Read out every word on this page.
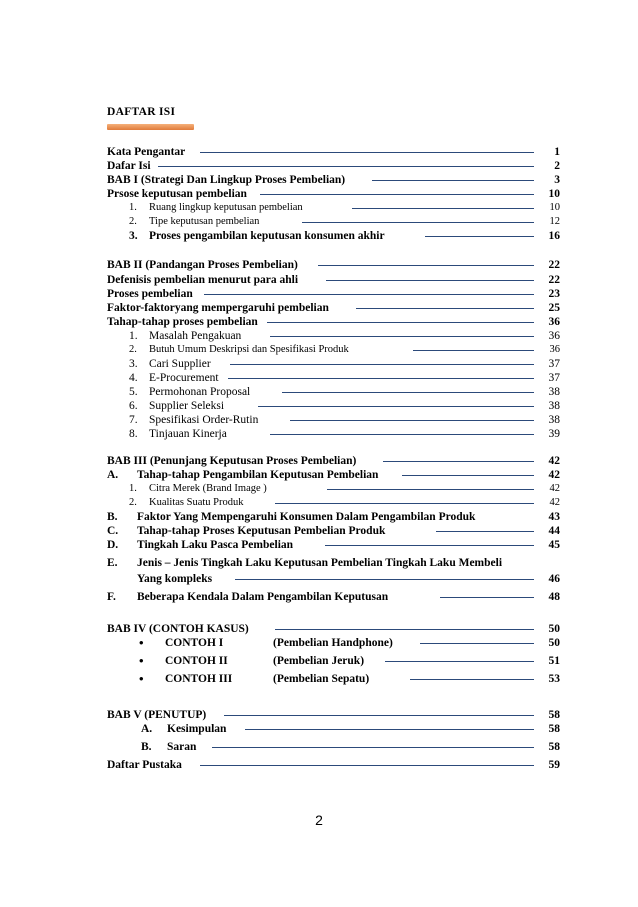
DAFTAR ISI
Kata Pengantar	1
Dafar Isi	2
BAB I (Strategi Dan Lingkup Proses Pembelian)	3
Prsose keputusan pembelian	10
1. Ruang lingkup keputusan pembelian	10
2. Tipe keputusan pembelian	12
3. Proses pengambilan keputusan konsumen akhir	16
BAB II (Pandangan Proses Pembelian)	22
Defenisis pembelian menurut para ahli	22
Proses pembelian	23
Faktor-faktoryang mempergaruhi pembelian	25
Tahap-tahap proses pembelian	36
1. Masalah Pengakuan	36
2. Butuh Umum Deskripsi dan Spesifikasi Produk	36
3. Cari Supplier	37
4. E-Procurement	37
5. Permohonan Proposal	38
6. Supplier Seleksi	38
7. Spesifikasi Order-Rutin	38
8. Tinjauan Kinerja	39
BAB III (Penunjang Keputusan Proses Pembelian)	42
A. Tahap-tahap Pengambilan Keputusan Pembelian	42
1. Citra Merek (Brand Image )	42
2. Kualitas Suatu Produk	42
B. Faktor Yang Mempengaruhi Konsumen Dalam Pengambilan Produk	43
C. Tahap-tahap Proses Keputusan Pembelian Produk	44
D. Tingkah Laku Pasca Pembelian	45
E. Jenis – Jenis Tingkah Laku Keputusan Pembelian Tingkah Laku Membeli
Yang kompleks	46
F. Beberapa Kendala Dalam Pengambilan Keputusan	48
BAB IV (CONTOH KASUS)	50
• CONTOH I	(Pembelian Handphone)	50
• CONTOH II	(Pembelian Jeruk)	51
• CONTOH III	(Pembelian Sepatu)	53
BAB V (PENUTUP)	58
A. Kesimpulan	58
B. Saran	58
Daftar Pustaka	59
2
